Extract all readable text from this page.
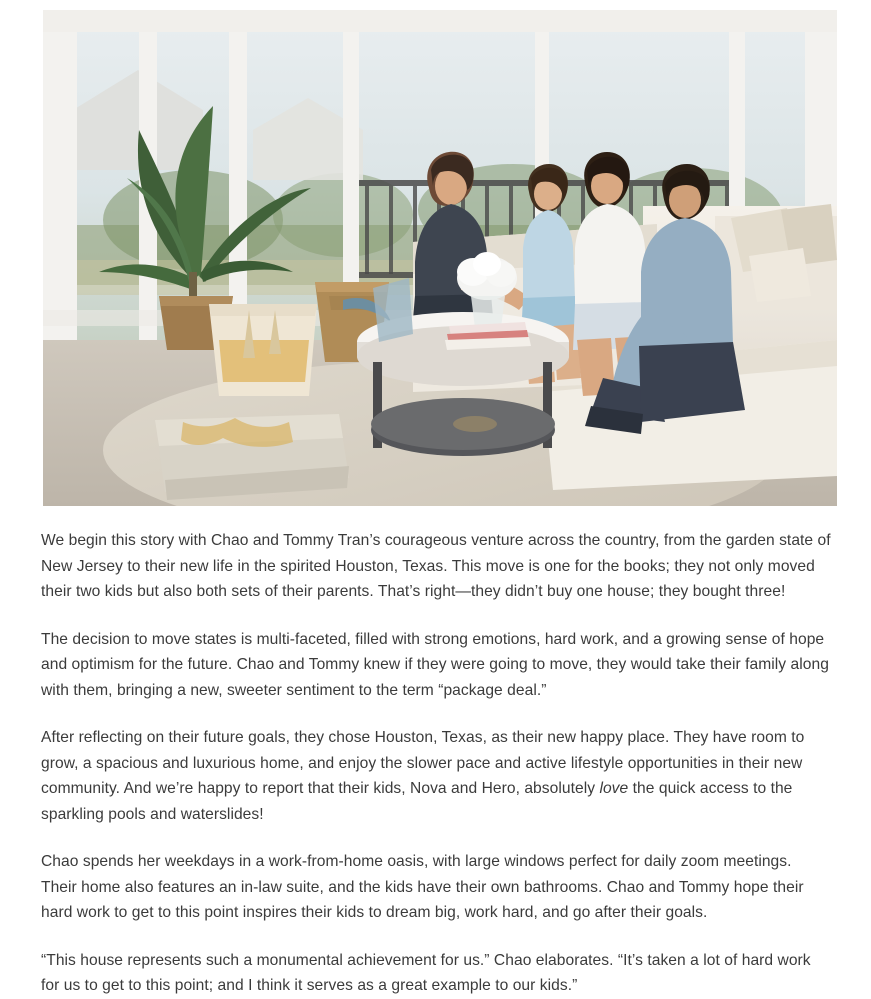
We begin this story with Chao and Tommy Tran’s courageous venture across the country, from the garden state of New Jersey to their new life in the spirited Houston, Texas. This move is one for the books; they not only moved their two kids but also both sets of their parents. That’s right—they didn’t buy one house; they bought three!

The decision to move states is multi-faceted, filled with strong emotions, hard work, and a growing sense of hope and optimism for the future. Chao and Tommy knew if they were going to move, they would take their family along with them, bringing a new, sweeter sentiment to the term “package deal.”

After reflecting on their future goals, they chose Houston, Texas, as their new happy place. They have room to grow, a spacious and luxurious home, and enjoy the slower pace and active lifestyle opportunities in their new community. And we’re happy to report that their kids, Nova and Hero, absolutely love the quick access to the sparkling pools and waterslides!

Chao spends her weekdays in a work-from-home oasis, with large windows perfect for daily zoom meetings. Their home also features an in-law suite, and the kids have their own bathrooms. Chao and Tommy hope their hard work to get to this point inspires their kids to dream big, work hard, and go after their goals.

“This house represents such a monumental achievement for us.” Chao elaborates. “It’s taken a lot of hard work for us to get to this point; and I think it serves as a great example to our kids.”
